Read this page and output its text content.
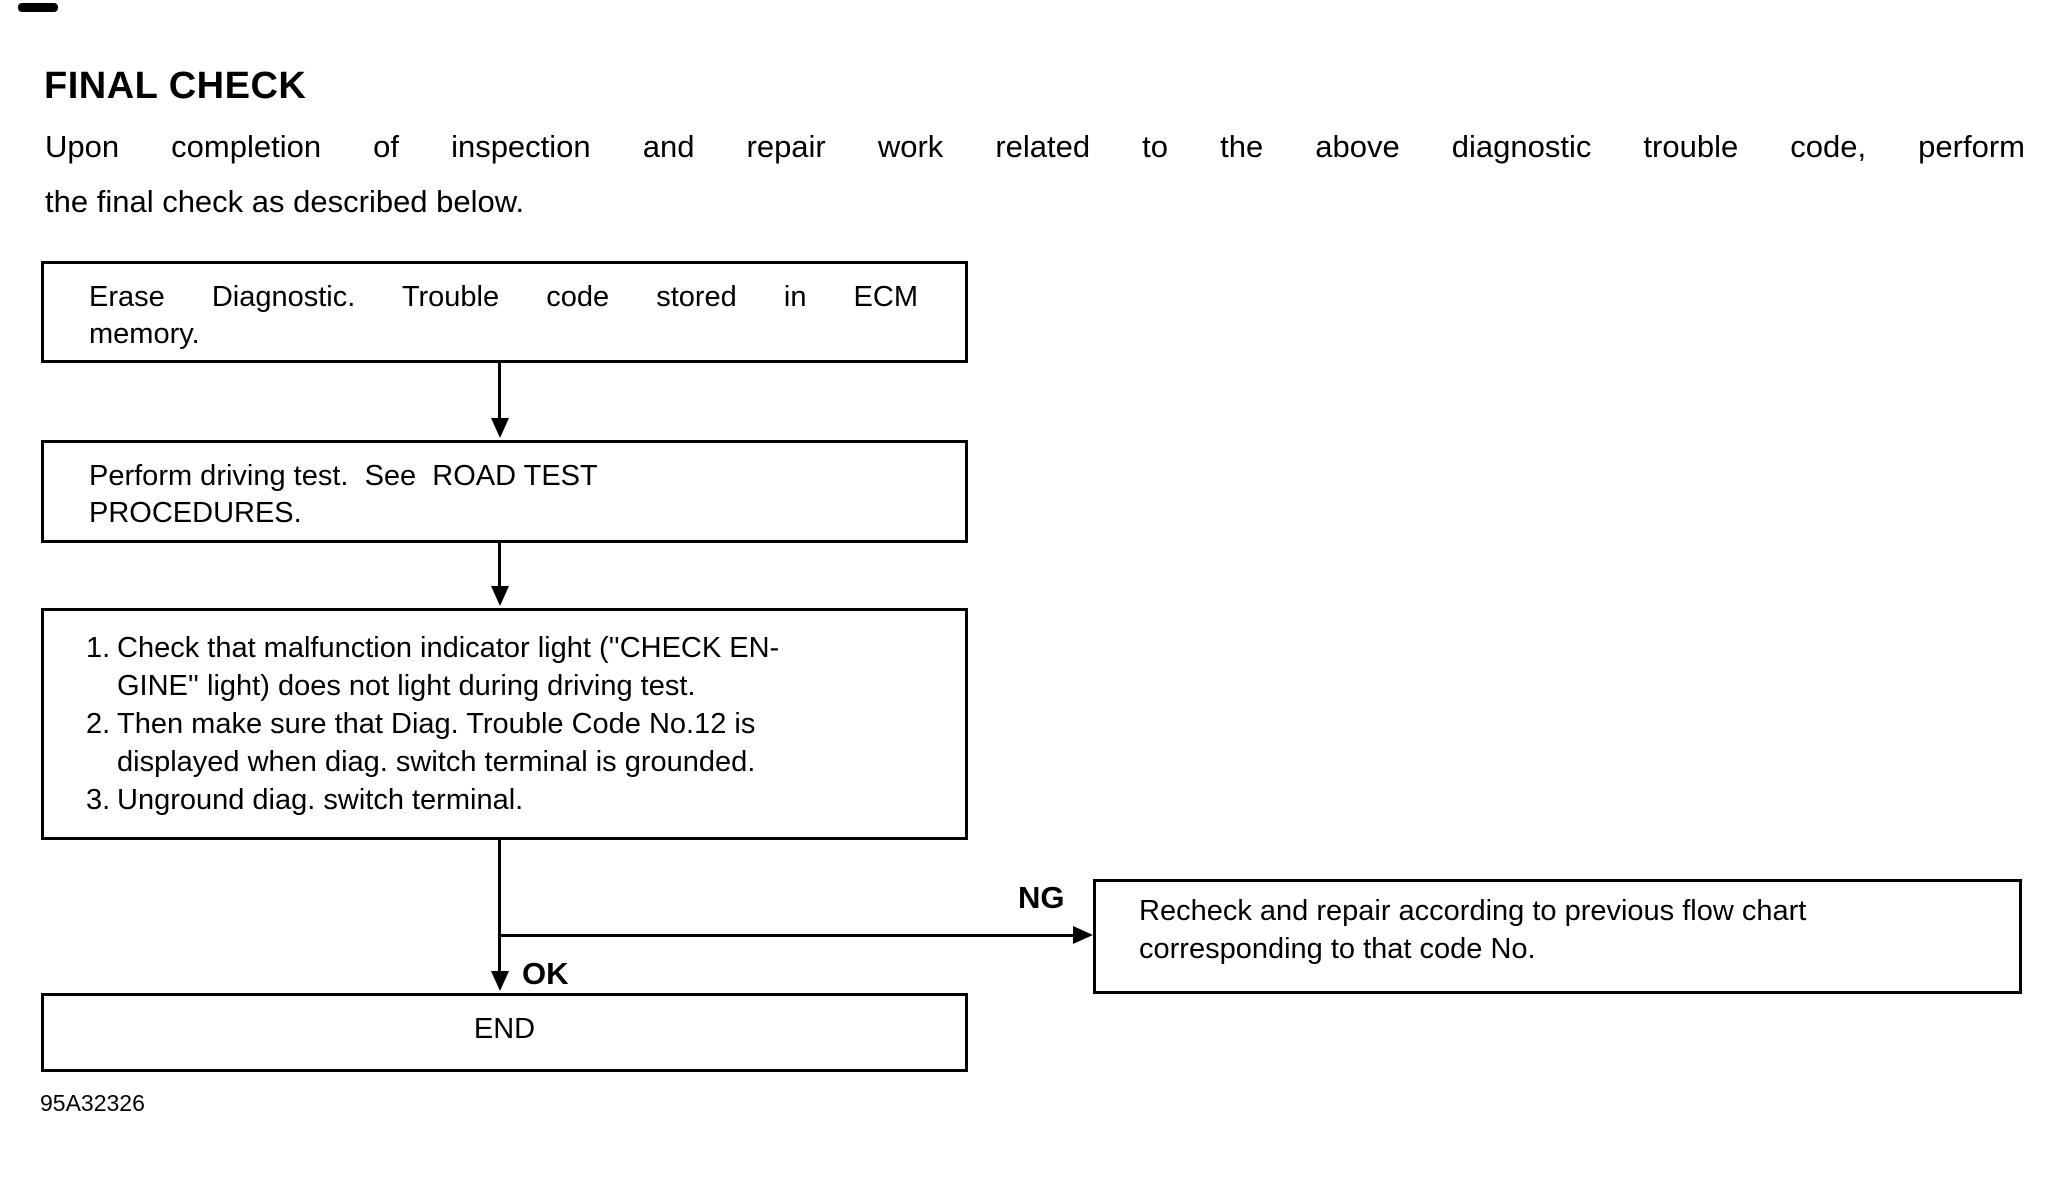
FINAL CHECK
Upon completion of inspection and repair work related to the above diagnostic trouble code, perform
the final check as described below.
Erase Diagnostic. Trouble code stored in ECM
memory.
Perform driving test.  See  ROAD TEST
PROCEDURES.
1. Check that malfunction indicator light (''CHECK EN-
GINE'' light) does not light during driving test.
2. Then make sure that Diag. Trouble Code No.12 is
displayed when diag. switch terminal is grounded.
3. Unground diag. switch terminal.
NG
OK
END
Recheck and repair according to previous flow chart
corresponding to that code No.
95A32326
